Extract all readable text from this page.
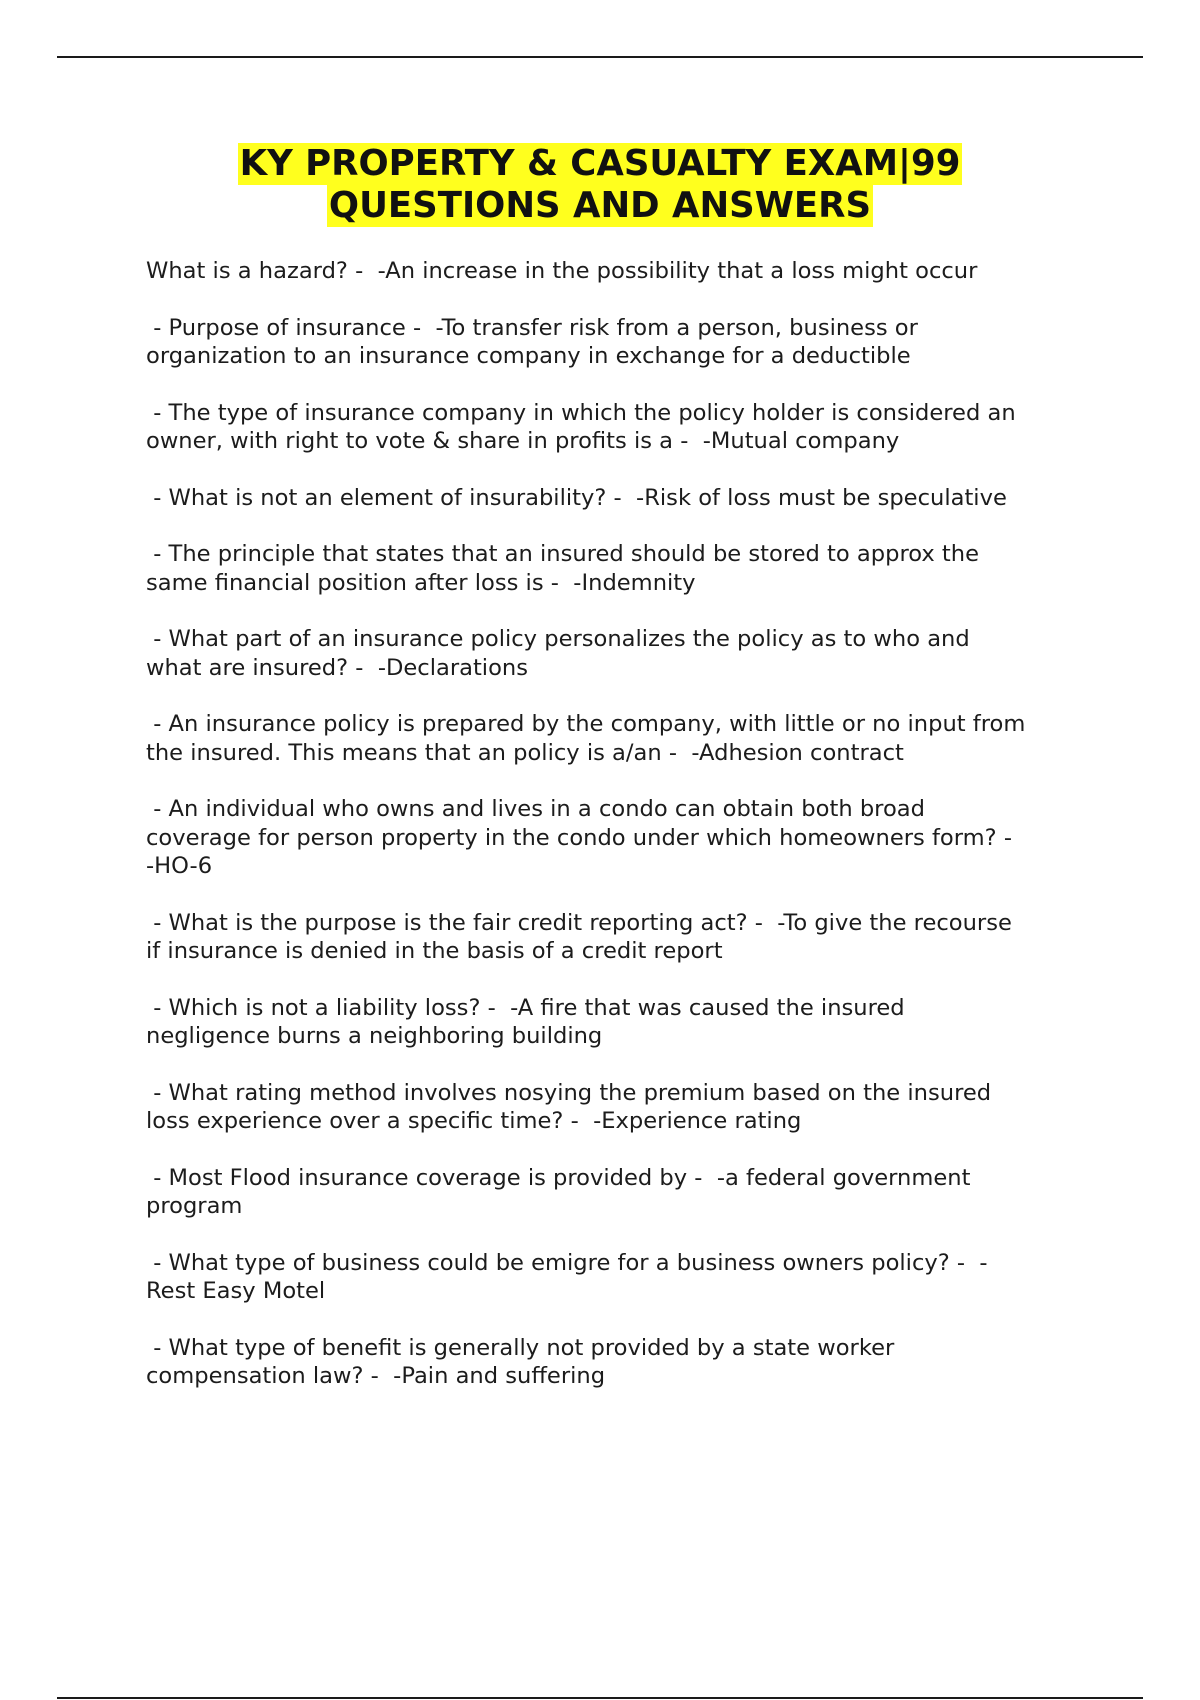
KY PROPERTY & CASUALTY EXAM|99
QUESTIONS AND ANSWERS

What is a hazard? -  -An increase in the possibility that a loss might occur

- Purpose of insurance -  -To transfer risk from a person, business or
organization to an insurance company in exchange for a deductible

- The type of insurance company in which the policy holder is considered an
owner, with right to vote & share in profits is a -  -Mutual company

- What is not an element of insurability? -  -Risk of loss must be speculative

- The principle that states that an insured should be stored to approx the
same financial position after loss is -  -Indemnity

- What part of an insurance policy personalizes the policy as to who and
what are insured? -  -Declarations

- An insurance policy is prepared by the company, with little or no input from
the insured. This means that an policy is a/an -  -Adhesion contract

- An individual who owns and lives in a condo can obtain both broad
coverage for person property in the condo under which homeowners form? -
-HO-6

- What is the purpose is the fair credit reporting act? -  -To give the recourse
if insurance is denied in the basis of a credit report

- Which is not a liability loss? -  -A fire that was caused the insured
negligence burns a neighboring building

- What rating method involves nosying the premium based on the insured
loss experience over a specific time? -  -Experience rating

- Most Flood insurance coverage is provided by -  -a federal government
program

- What type of business could be emigre for a business owners policy? -  -
Rest Easy Motel

- What type of benefit is generally not provided by a state worker
compensation law? -  -Pain and suffering
